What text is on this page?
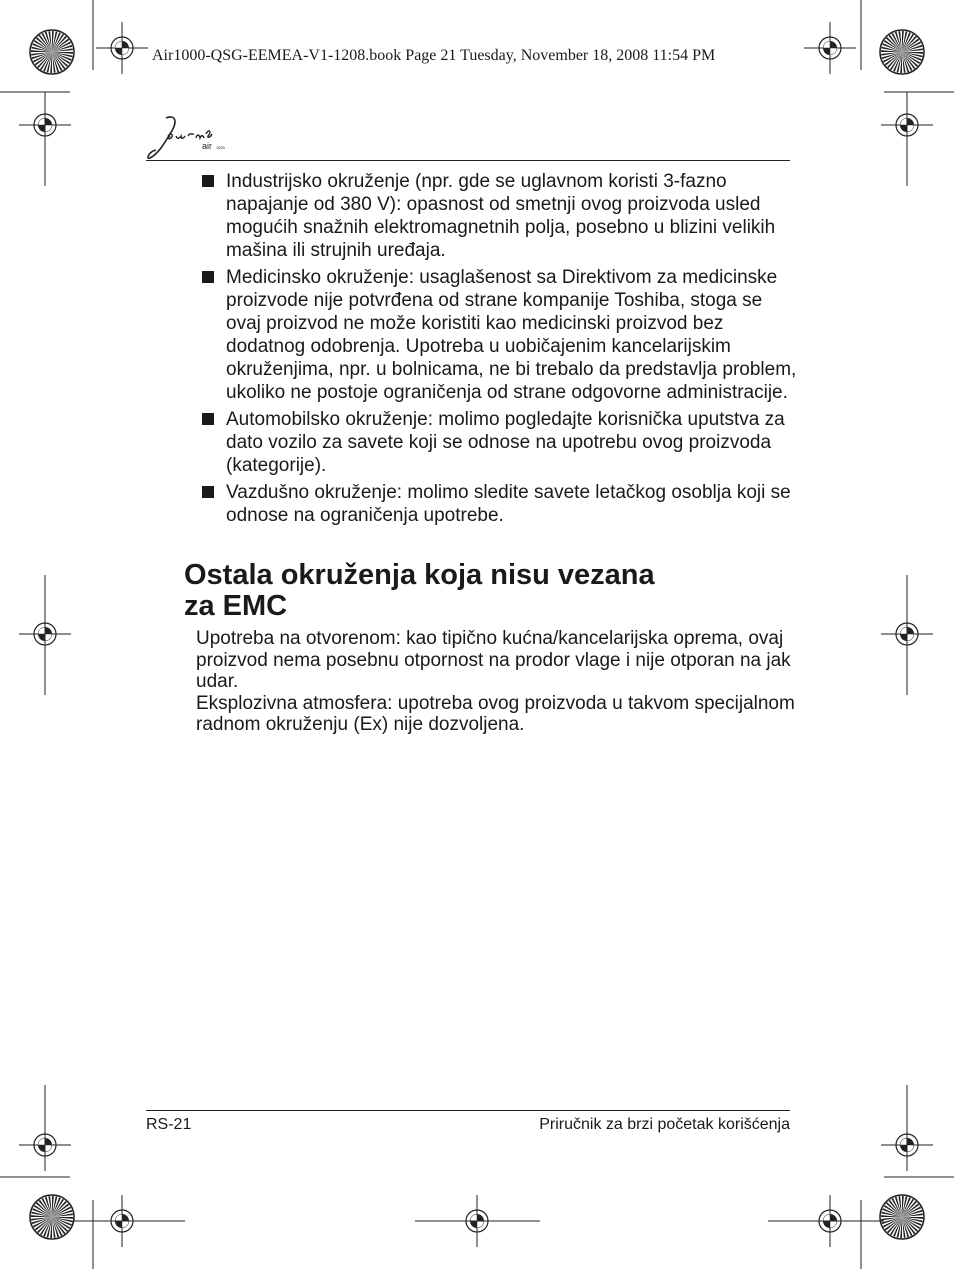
Air1000-QSG-EEMEA-V1-1208.book Page 21 Tuesday, November 18, 2008 11:54 PM
air 1000
Industrijsko okruženje (npr. gde se uglavnom koristi 3-fazno napajanje od 380 V): opasnost od smetnji ovog proizvoda usled mogućih snažnih elektromagnetnih polja, posebno u blizini velikih mašina ili strujnih uređaja.
Medicinsko okruženje: usaglašenost sa Direktivom za medicinske proizvode nije potvrđena od strane kompanije Toshiba, stoga se ovaj proizvod ne može koristiti kao medicinski proizvod bez dodatnog odobrenja. Upotreba u uobičajenim kancelarijskim okruženjima, npr. u bolnicama, ne bi trebalo da predstavlja problem, ukoliko ne postoje ograničenja od strane odgovorne administracije.
Automobilsko okruženje: molimo pogledajte korisnička uputstva za dato vozilo za savete koji se odnose na upotrebu ovog proizvoda (kategorije).
Vazdušno okruženje: molimo sledite savete letačkog osoblja koji se odnose na ograničenja upotrebe.
Ostala okruženja koja nisu vezana
za EMC

Upotreba na otvorenom: kao tipično kućna/kancelarijska oprema, ovaj proizvod nema posebnu otpornost na prodor vlage i nije otporan na jak udar.

Eksplozivna atmosfera: upotreba ovog proizvoda u takvom specijalnom radnom okruženju (Ex) nije dozvoljena.

RS-21	Priručnik za brzi početak korišćenja
